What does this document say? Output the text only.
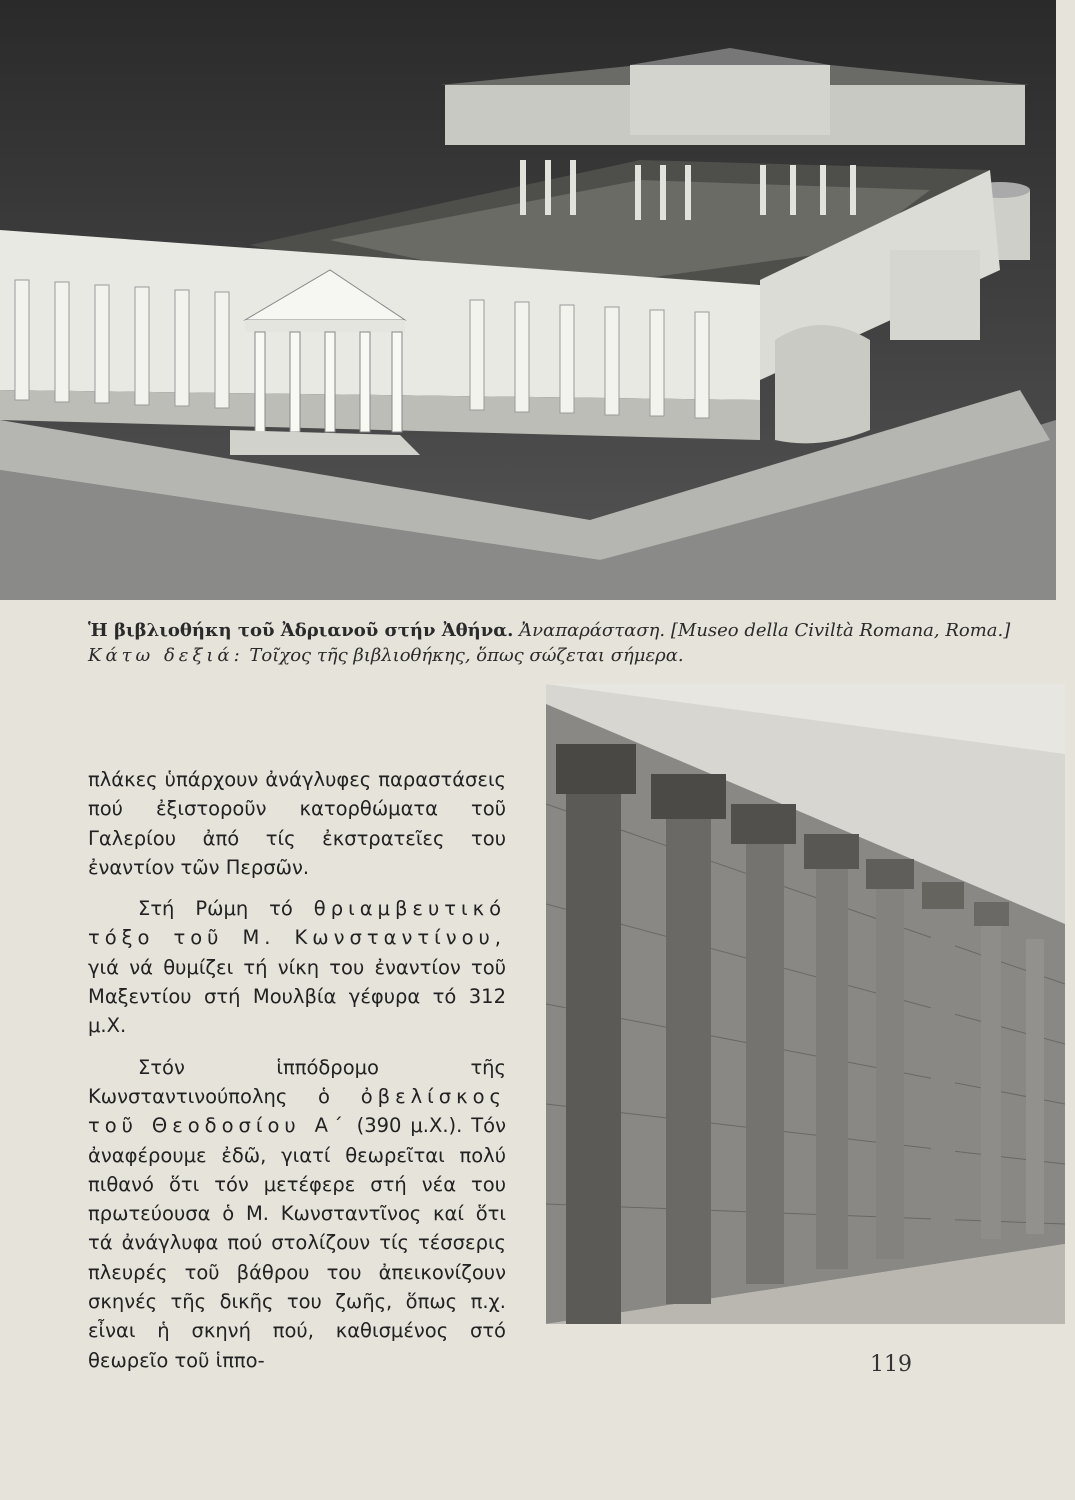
Ἡ βιβλιοθήκη τοῦ Ἀδριανοῦ στήν Ἀθήνα. Ἀναπαράσταση. [Museo della Civiltà Romana, Roma.] Κάτω δεξιά: Τοῖχος τῆς βιβλιοθήκης, ὅπως σώζεται σήμερα.

πλάκες ὑπάρχουν ἀνάγλυφες παραστάσεις πού ἐξιστοροῦν κατορθώματα τοῦ Γαλερίου ἀπό τίς ἐκστρατεῖες του ἐναντίον τῶν Περσῶν.

Στή Ρώμη τό θριαμβευτικό τόξο τοῦ Μ. Κωνσταντίνου, γιά νά θυμίζει τή νίκη του ἐναντίον τοῦ Μαξεντίου στή Μουλβία γέφυρα τό 312 μ.Χ.

Στόν ἱππόδρομο τῆς Κωνσταντινούπολης ὁ ὀβελίσκος τοῦ Θεοδοσίου Α΄ (390 μ.Χ.). Τόν ἀναφέρουμε ἐδῶ, γιατί θεωρεῖται πολύ πιθανό ὅτι τόν μετέφερε στή νέα του πρωτεύουσα ὁ Μ. Κωνσταντῖνος καί ὅτι τά ἀνάγλυφα πού στολίζουν τίς τέσσερις πλευρές τοῦ βάθρου του ἀπεικονίζουν σκηνές τῆς δικῆς του ζωῆς, ὅπως π.χ. εἶναι ἡ σκηνή πού, καθισμένος στό θεωρεῖο τοῦ ἱππο-	119
